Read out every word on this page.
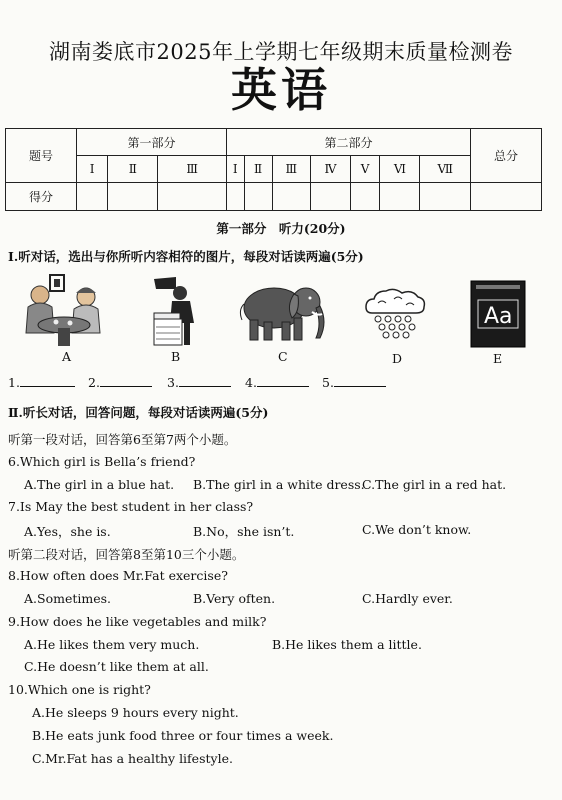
湖南娄底市2025年上学期七年级期末质量检测卷
英语
题号	第一部分			第二部分							总分
	Ⅰ	Ⅱ	Ⅲ	Ⅰ	Ⅱ	Ⅲ	Ⅳ	Ⅴ	Ⅵ	Ⅶ	
得分											
第一部分　听力(20分)
Ⅰ.听对话，选出与你所听内容相符的图片，每段对话读两遍(5分)
A	B	C	D
Aa
E
1.	2.	3.	4.	5.
Ⅱ.听长对话，回答问题，每段对话读两遍(5分)
听第一段对话，回答第6至第7两个小题。
6.Which girl is Bella’s friend?
A.The girl in a blue hat. B.The girl in a white dress.
C.The girl in a red hat.
7.Is May the best student in her class?
A.Yes，she is.	B.No，she isn’t.	C.We don’t know.
听第二段对话，回答第8至第10三个小题。
8.How often does Mr.Fat exercise?
A.Sometimes.	B.Very often.	C.Hardly ever.
9.How does he like vegetables and milk?
A.He likes them very much.	B.He likes them a little.
C.He doesn’t like them at all.
10.Which one is right?
A.He sleeps 9 hours every night.
B.He eats junk food three or four times a week.
C.Mr.Fat has a healthy lifestyle.
